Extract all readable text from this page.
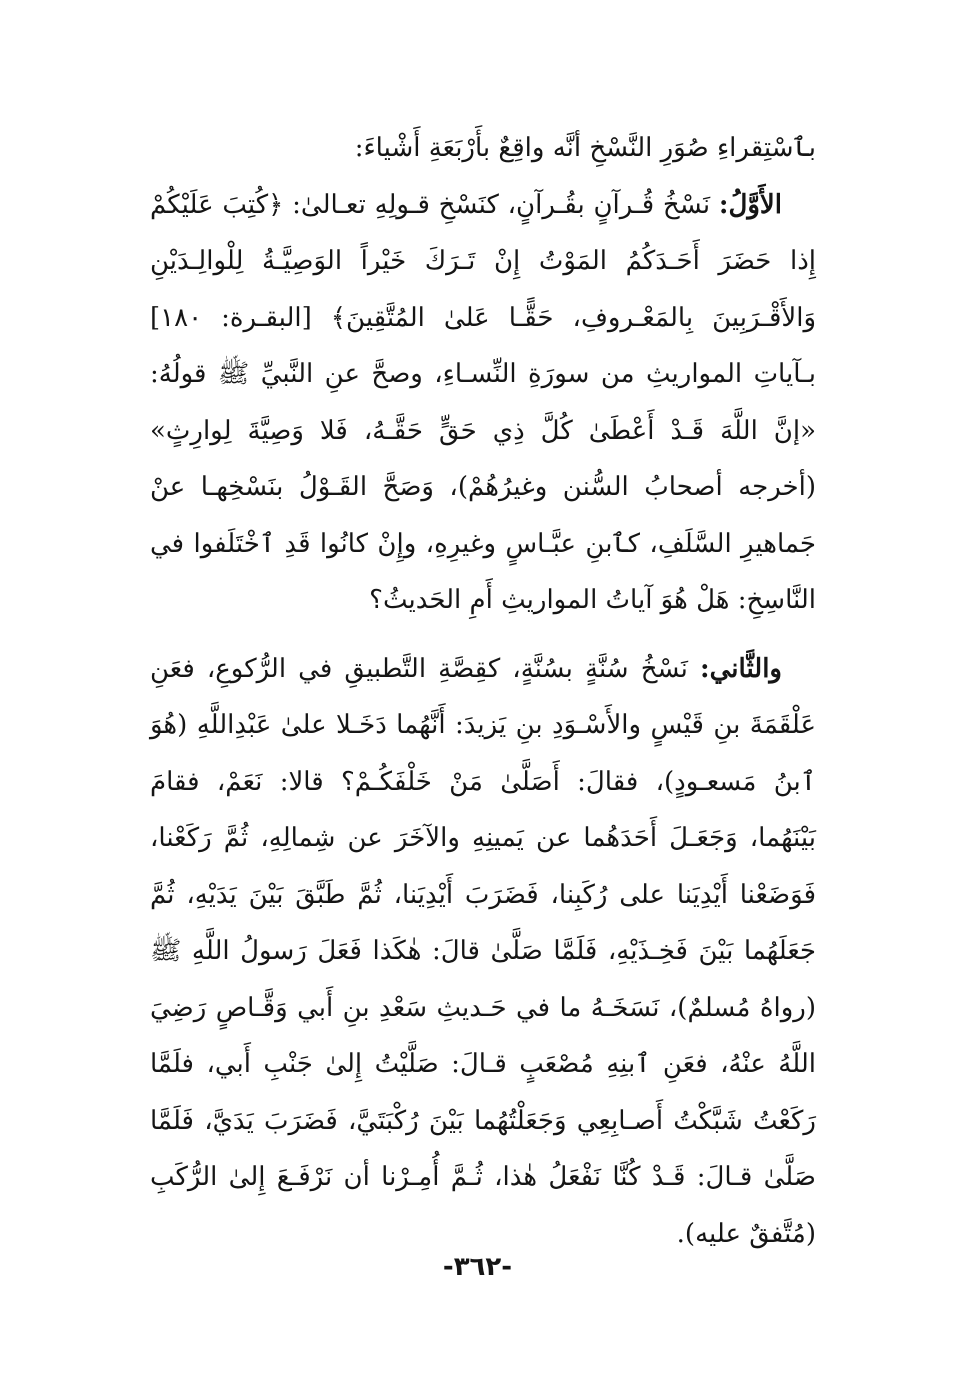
بٱسْتِقراءِ صُوَرِ النَّسْخِ أنَّه واقِعٌ بأَرْبَعَةِ أَشْياءَ:

الأَوَّلُ: نَسْخُ قُـرآنٍ بقُـرآنٍ، كنَسْخِ قـولِهِ تعـالىٰ: ﴿كُتِبَ عَلَيْكُمْ إِذا حَضَرَ أَحَـدَكُمُ المَوْتُ إِنْ تَـرَكَ خَيْراً الوَصِيَّـةُ لِلْوالِـدَيْنِ وَالأَقْـرَبِينَ بِالمَعْـروفِ، حَقًّـا عَلىٰ المُتَّقِينَ﴾ [البقـرة: ١٨٠] بـآياتِ المواريثِ من سورَةِ النِّسـاءِ، وصحَّ عنِ النَّبيِّ ﷺ قولُهُ: «إنَّ اللَّهَ قَـدْ أَعْطَىٰ كُلَّ ذِي حَقٍّ حَقَّـهُ، فَلا وَصِيَّةَ لِوارِثٍ» (أخرجه أصحابُ السُّنن وغيرُهُمْ)، وَصَحَّ القَـوْلُ بنَسْخِهـا عنْ جَماهيرِ السَّلَفِ، كٱبنِ عبَّـاسٍ وغيرِهِ، وإِنْ كانُوا قَدِ ٱخْتَلَفوا في النَّاسِخِ: هَلْ هُوَ آياتُ المواريثِ أَمِ الحَديثُ؟

والثَّاني: نَسْخُ سُنَّةٍ بسُنَّةٍ، كقِصَّةِ التَّطبيقِ في الرُّكوعِ، فعَنِ عَلْقَمَةَ بنِ قَيْسٍ والأَسْـوَدِ بنِ يَزيدَ: أَنَّهُما دَخَـلا علىٰ عَبْدِاللَّهِ (هُوَ ٱبنُ مَسعـودٍ)، فقالَ: أَصَلَّىٰ مَنْ خَلْفَكُـمْ؟ قالا: نَعَمْ، فقامَ بَيْنَهُما، وَجَعَـلَ أَحَدَهُما عن يَمينِهِ والآخَرَ عن شِمالِهِ، ثُمَّ رَكَعْنا، فَوَضَعْنا أَيْدِيَنا على رُكَبِنا، فَضَرَبَ أَيْدِيَنا، ثُمَّ طَبَّقَ بَيْنَ يَدَيْهِ، ثُمَّ جَعَلَهُما بَيْنَ فَخِـذَيْهِ، فَلَمَّا صَلَّىٰ قالَ: هٰكَذا فَعَلَ رَسولُ اللَّهِ ﷺ (رواهُ مُسلمٌ)، نَسَخَـهُ ما في حَـديثِ سَعْدِ بنِ أَبي وَقَّـاصٍ رَضِيَ اللَّهُ عنْهُ، فعَنِ ٱبنِهِ مُصْعَبٍ قـالَ: صَلَّيْتُ إِلىٰ جَنْبِ أَبي، فلَمَّا رَكَعْتُ شَبَّكْتُ أَصـابِعِي وَجَعَلْتُهُما بَيْنَ رُكْبَتَيَّ، فَضَرَبَ يَدَيَّ، فَلَمَّا صَلَّىٰ قـالَ: قَـدْ كُنَّا نَفْعَلُ هٰذا، ثُـمَّ أُمِـرْنا أن نَرْفَـعَ إِلىٰ الرُّكَبِ (مُتَّفقٌ عليه).

-٣٦٢-
